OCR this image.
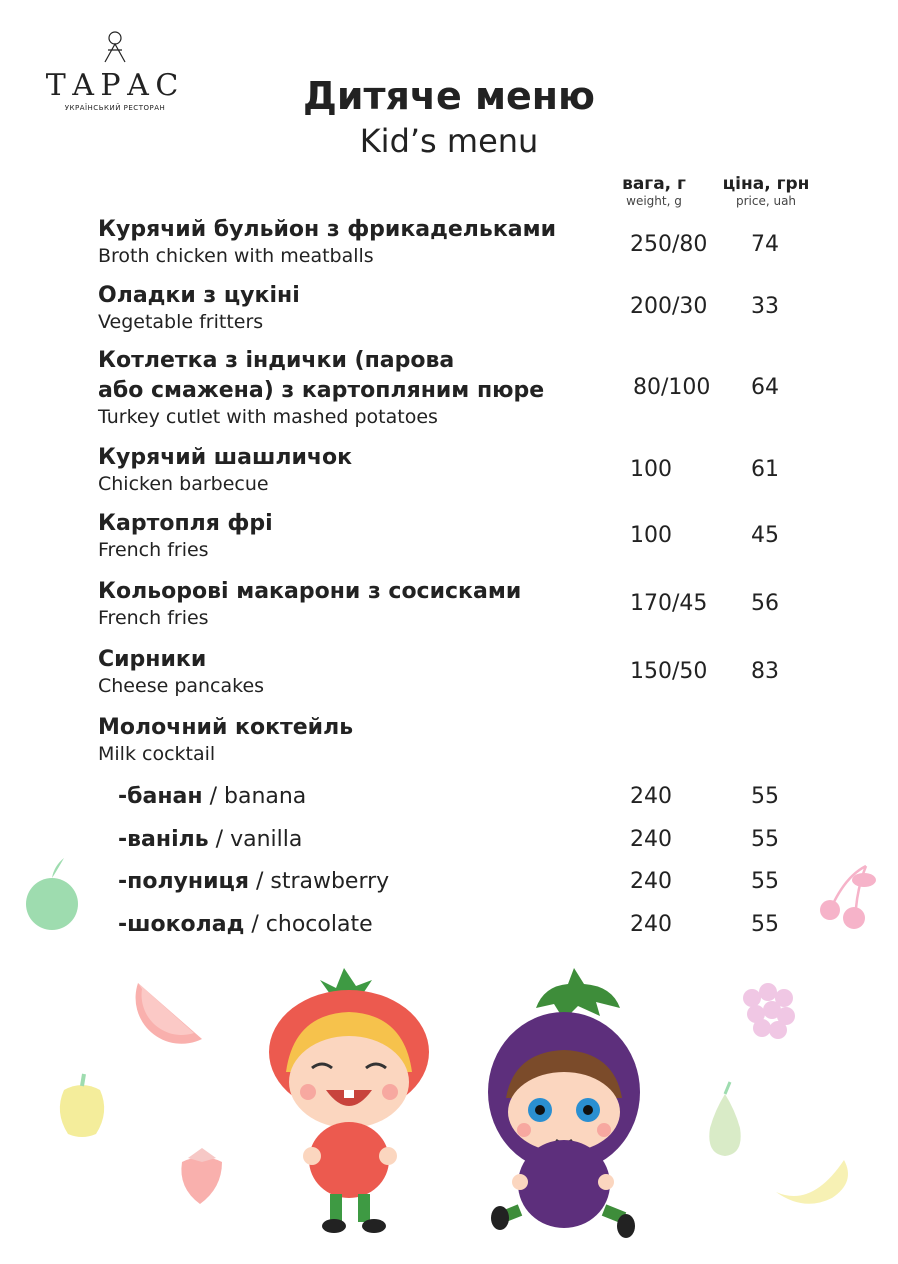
ТАРАС
УКРАЇНСЬКИЙ РЕСТОРАН	Дитяче меню
Kid’s menu
вага, г
weight, g
ціна, грн
price, uah
Курячий бульйон з фрикадельками
Broth chicken with meatballs	250/80 74
Оладки з цукіні
Vegetable fritters
200/30 33
Котлетка з індички (парова
або смажена) з картопляним пюре
Turkey cutlet with mashed potatoes
80/100 64
Курячий шашличок
Chicken barbecue
100	61
Картопля фрі
French fries
100	45
Кольорові макарони з сосисками
French fries
170/45 56
Сирники
Cheese pancakes
150/50 83
Молочний коктейль
Milk cocktail
-банан / banana	240	55
-ваніль / vanilla	240	55
-полуниця / strawberry	240	55
-шоколад / chocolate	240	55
